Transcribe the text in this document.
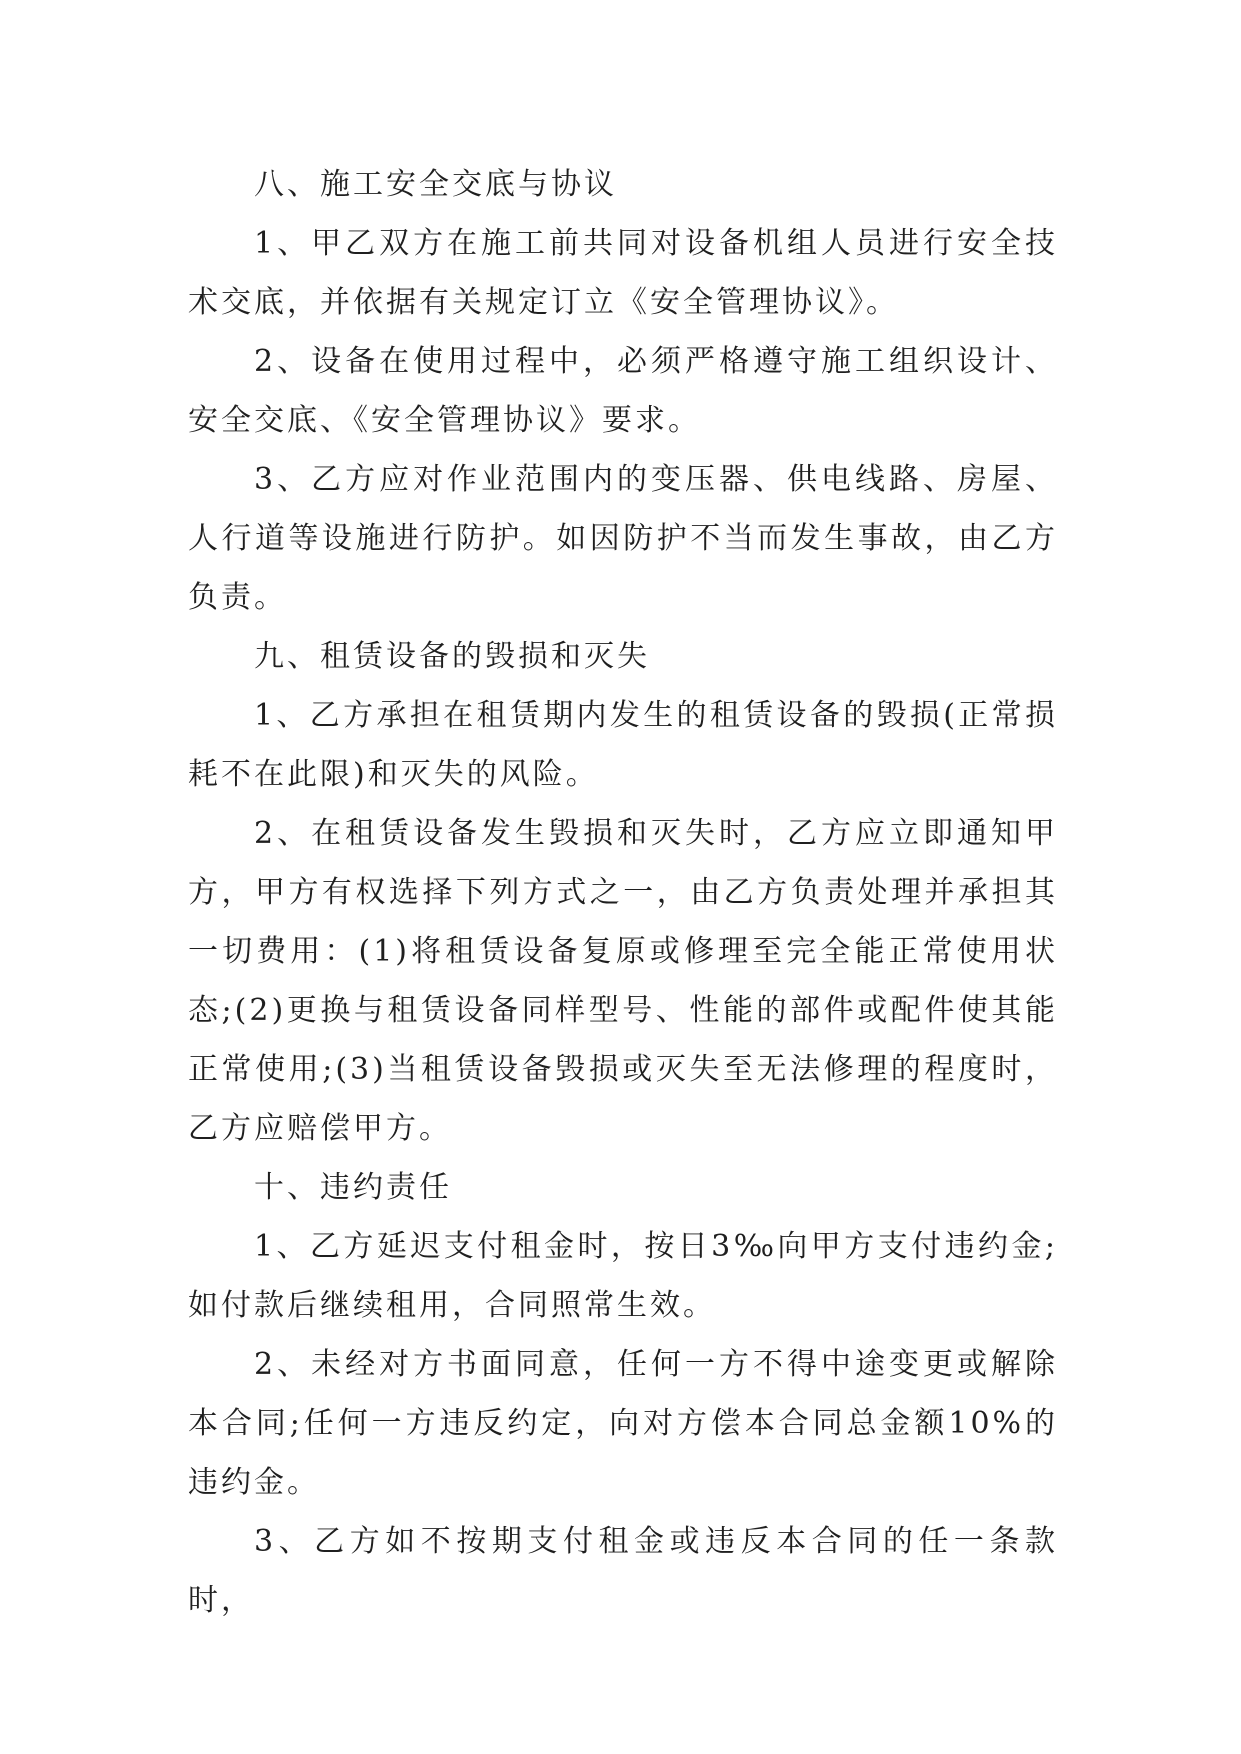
八、施工安全交底与协议

1、甲乙双方在施工前共同对设备机组人员进行安全技术交底，并依据有关规定订立《安全管理协议》。

2、设备在使用过程中，必须严格遵守施工组织设计、安全交底、《安全管理协议》要求。

3、乙方应对作业范围内的变压器、供电线路、房屋、人行道等设施进行防护。如因防护不当而发生事故，由乙方负责。

九、租赁设备的毁损和灭失

1、乙方承担在租赁期内发生的租赁设备的毁损(正常损耗不在此限)和灭失的风险。

2、在租赁设备发生毁损和灭失时，乙方应立即通知甲方，甲方有权选择下列方式之一，由乙方负责处理并承担其一切费用：(1)将租赁设备复原或修理至完全能正常使用状态;(2)更换与租赁设备同样型号、性能的部件或配件使其能正常使用;(3)当租赁设备毁损或灭失至无法修理的程度时，乙方应赔偿甲方。

十、违约责任

1、乙方延迟支付租金时，按日3‰向甲方支付违约金;如付款后继续租用，合同照常生效。

2、未经对方书面同意，任何一方不得中途变更或解除本合同;任何一方违反约定，向对方偿本合同总金额10%的违约金。

3、乙方如不按期支付租金或违反本合同的任一条款时，
